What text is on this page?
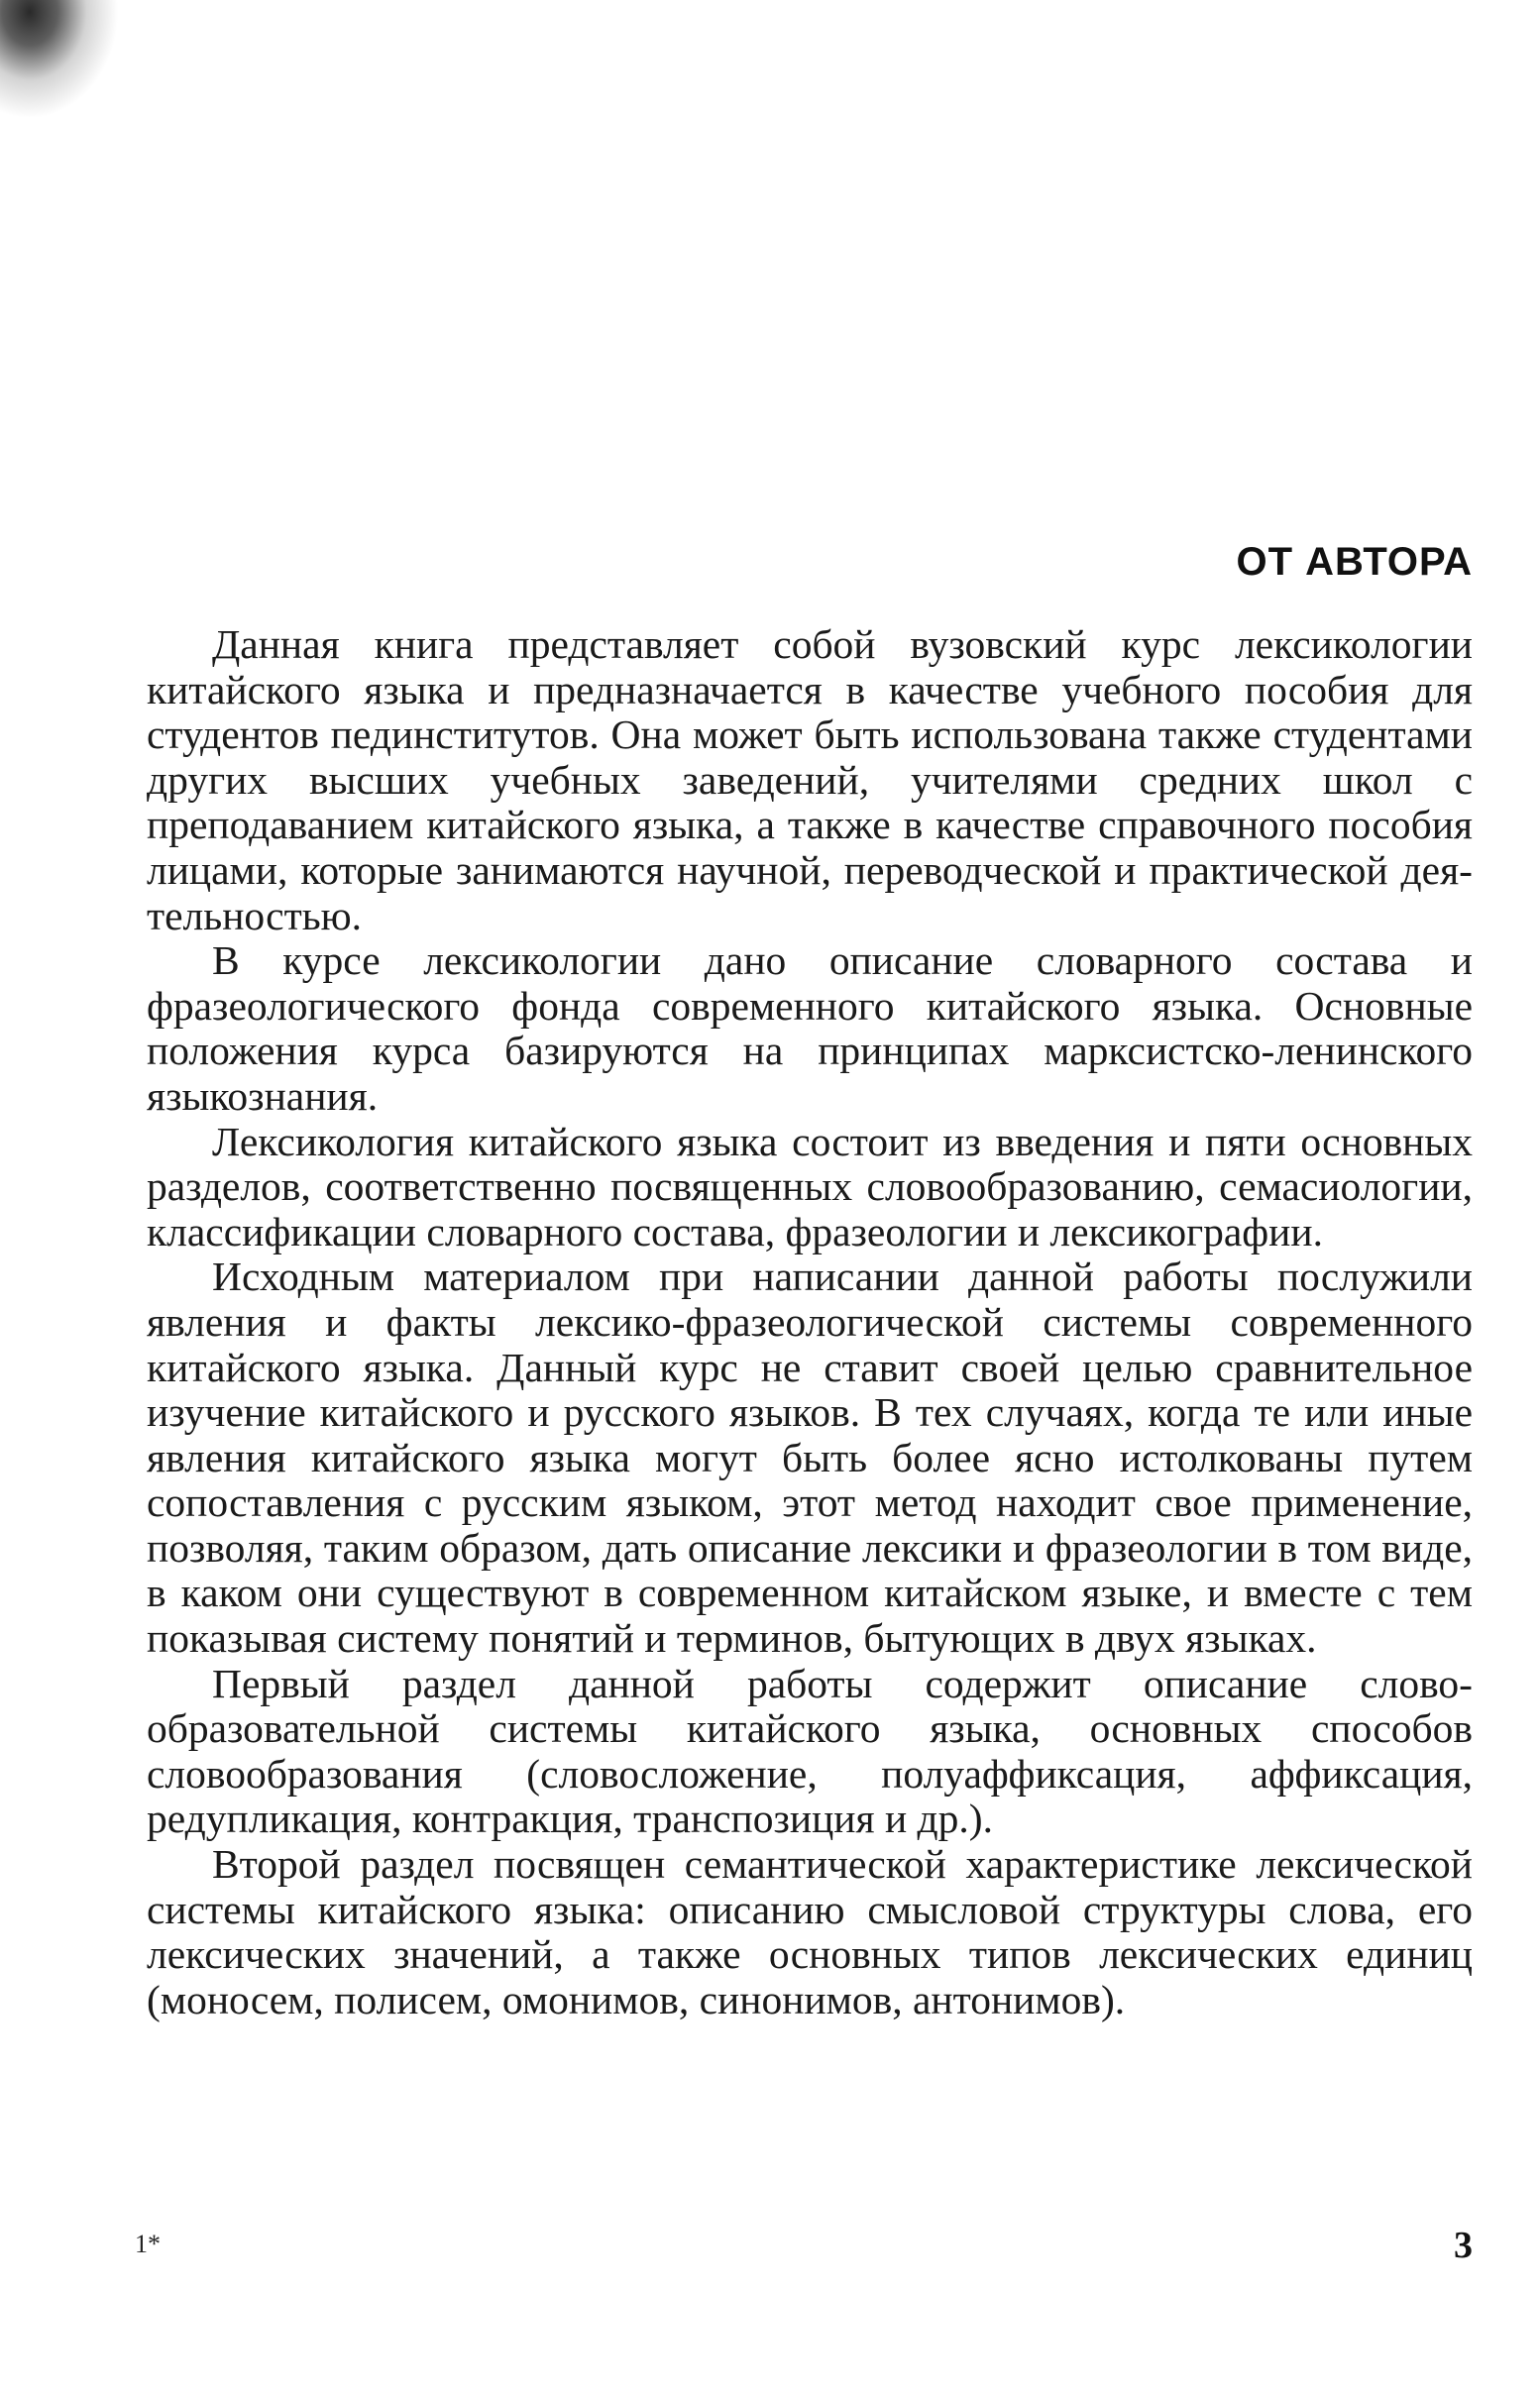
ОТ АВТОРА

Данная книга представляет собой вузовский курс лексикологии китайского языка и предназначается в качестве учебного пособия для студентов пединститутов. Она может быть использована также студентами других высших учебных заведений, учителями средних школ с преподаванием китайского языка, а также в качестве справочного пособия лицами, которые занимаются научной, переводческой и практической деятельностью.

В курсе лексикологии дано описание словарного состава и фразеологического фонда современного китайского языка. Основные положения курса базируются на принципах марксистско-ленинского языкознания.

Лексикология китайского языка состоит из введения и пяти основных разделов, соответственно посвященных словообразованию, семасиологии, классификации словарного состава, фразеологии и лексикографии.

Исходным материалом при написании данной работы послужили явления и факты лексико-фразеологической системы современного китайского языка. Данный курс не ставит своей целью сравнительное изучение китайского и русского языков. В тех случаях, когда те или иные явления китайского языка могут быть более ясно истолкованы путем сопоставления с русским языком, этот метод находит свое применение, позволяя, таким образом, дать описание лексики и фразеологии в том виде, в каком они существуют в современном китайском языке, и вместе с тем показывая систему понятий и терминов, бытующих в двух языках.

Первый раздел данной работы содержит описание словообразовательной системы китайского языка, основных способов словообразования (словосложение, полуаффиксация, аффиксация, редупликация, контракция, транспозиция и др.).

Второй раздел посвящен семантической характеристике лексической системы китайского языка: описанию смысловой структуры слова, его лексических значений, а также основных типов лексических единиц (моносем, полисем, омонимов, синонимов, антонимов).

1*	3
